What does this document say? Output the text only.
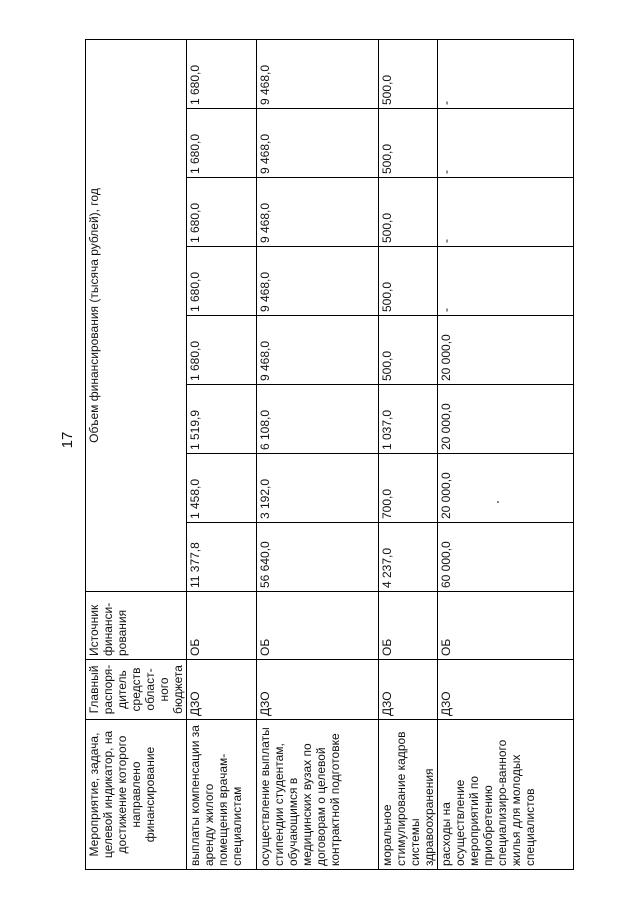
17
Мероприятие, задача, целевой индикатор, на достижение которого направлено финансирование	Главный распоря-дитель средств област-ного бюджета	Источник финанси-рования	Объем финансирования (тысяча рублей), год							
выплаты компенсации за аренду жилого помещения врачам-специалистам	ДЗО	ОБ	11 377,8	1 458,0	1 519,9	1 680,0	1 680,0	1 680,0	1 680,0	1 680,0
осуществление выплаты стипендии студентам, обучающимся в медицинских вузах по договорам о целевой контрактной подготовке	ДЗО	ОБ	56 640,0	3 192,0	6 108,0	9 468,0	9 468,0	9 468,0	9 468,0	9 468,0
моральное стимулирование кадров системы здравоохранения	ДЗО	ОБ	4 237,0	700,0	1 037,0	500,0	500,0	500,0	500,0	500,0
расходы на осуществление мероприятий по приобретению специализиро-ванного жилья для молодых специалистов	ДЗО	ОБ	60 000,0	20 000,0	20 000,0	20 000,0	-	-	-	-
